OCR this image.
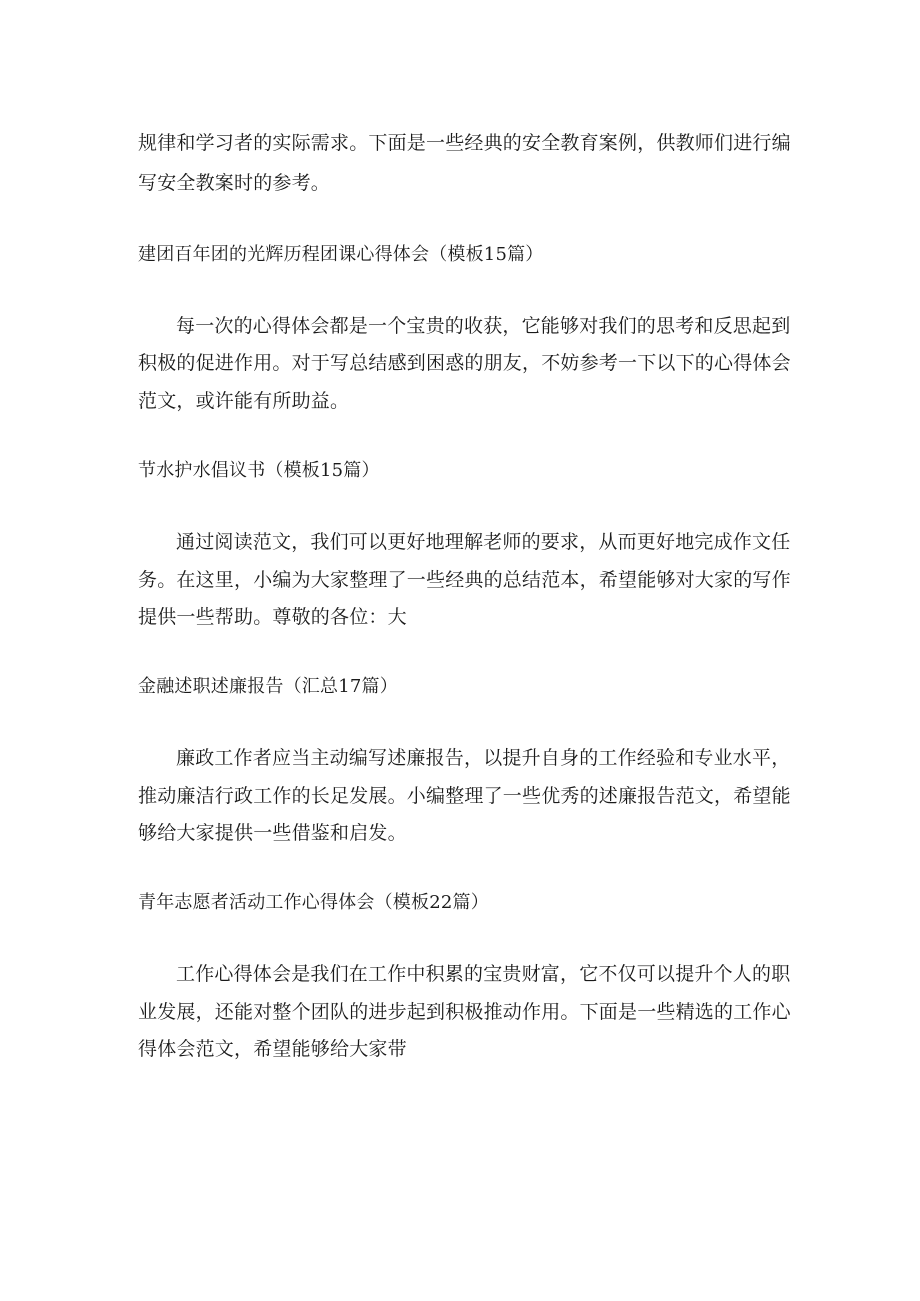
规律和学习者的实际需求。下面是一些经典的安全教育案例，供教师们进行编
写安全教案时的参考。
建团百年团的光辉历程团课心得体会（模板15篇）
每一次的心得体会都是一个宝贵的收获，它能够对我们的思考和反思起到
积极的促进作用。对于写总结感到困惑的朋友，不妨参考一下以下的心得体会
范文，或许能有所助益。
节水护水倡议书（模板15篇）
通过阅读范文，我们可以更好地理解老师的要求，从而更好地完成作文任
务。在这里，小编为大家整理了一些经典的总结范本，希望能够对大家的写作
提供一些帮助。尊敬的各位：大
金融述职述廉报告（汇总17篇）
廉政工作者应当主动编写述廉报告，以提升自身的工作经验和专业水平，
推动廉洁行政工作的长足发展。小编整理了一些优秀的述廉报告范文，希望能
够给大家提供一些借鉴和启发。
青年志愿者活动工作心得体会（模板22篇）
工作心得体会是我们在工作中积累的宝贵财富，它不仅可以提升个人的职
业发展，还能对整个团队的进步起到积极推动作用。下面是一些精选的工作心
得体会范文，希望能够给大家带
